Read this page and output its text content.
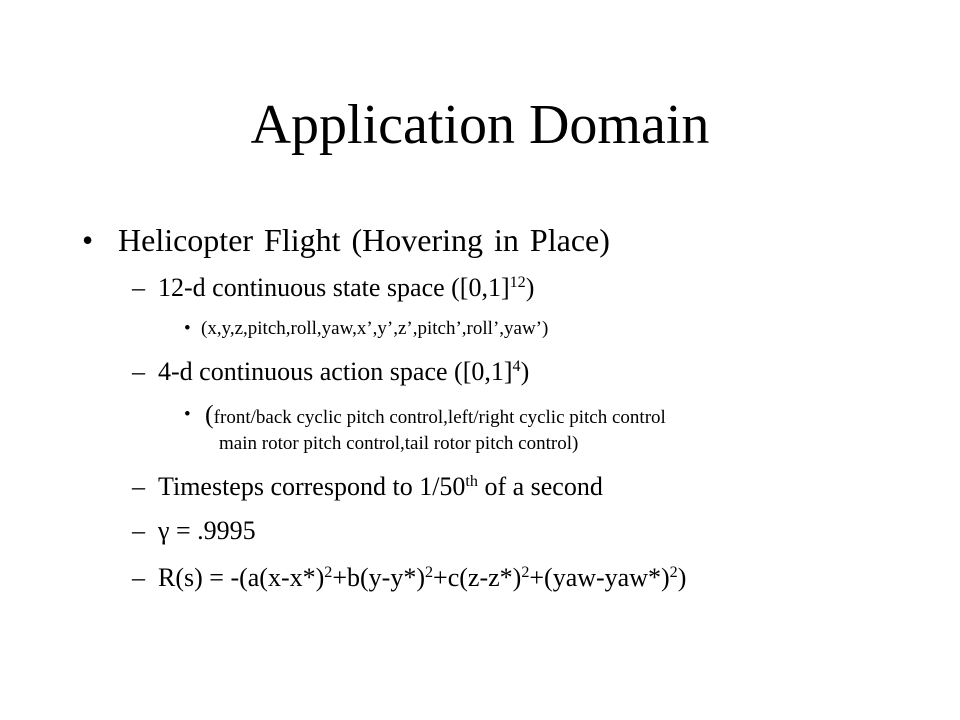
Application Domain
• Helicopter Flight (Hovering in Place)
– 12-d continuous state space $([0,1]^{12})$
• (x,y,z,pitch,roll,yaw,x’,y’,z’,pitch’,roll’,yaw’)
– 4-d continuous action space $([0,1]^4)$
• (front/back cyclic pitch control,left/right cyclic pitch control
main rotor pitch control,tail rotor pitch control)
– Timesteps correspond to 1/50th of a second
– γ = .9995
– $R(s) = -(a(x-x*)^2+b(y-y*)^2+c(z-z*)^2+(yaw-yaw*)^2)$
